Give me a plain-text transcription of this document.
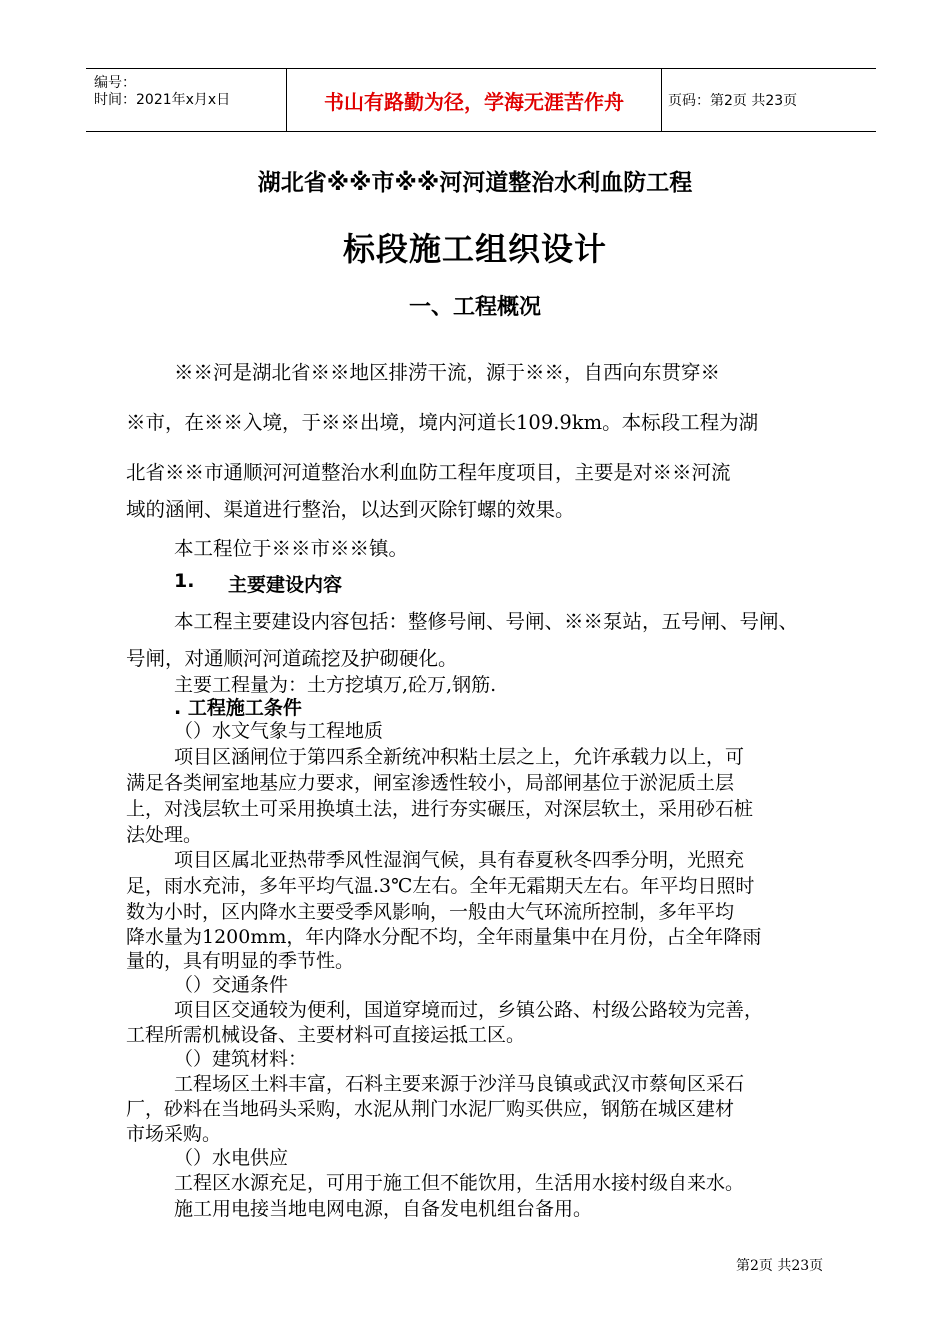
编号：
时间：2021年x月x日	书山有路勤为径，学海无涯苦作舟	页码：第2页 共23页
湖北省※※市※※河河道整治水利血防工程
标段施工组织设计
一、工程概况
※※河是湖北省※※地区排涝干流，源于※※，自西向东贯穿※
※市，在※※入境，于※※出境，境内河道长109.9km。本标段工程为湖
北省※※市通顺河河道整治水利血防工程年度项目，主要是对※※河流
域的涵闸、渠道进行整治，以达到灭除钉螺的效果。
本工程位于※※市※※镇。
1. 主要建设内容
本工程主要建设内容包括：整修号闸、号闸、※※泵站，五号闸、号闸、
号闸，对通顺河河道疏挖及护砌硬化。
主要工程量为：土方挖填万,砼万,钢筋.
. 工程施工条件
（）水文气象与工程地质
项目区涵闸位于第四系全新统冲积粘土层之上，允许承载力以上，可
满足各类闸室地基应力要求，闸室渗透性较小，局部闸基位于淤泥质土层
上，对浅层软土可采用换填土法，进行夯实碾压，对深层软土，采用砂石桩
法处理。
项目区属北亚热带季风性湿润气候，具有春夏秋冬四季分明，光照充
足，雨水充沛，多年平均气温.3℃左右。全年无霜期天左右。年平均日照时
数为小时，区内降水主要受季风影响，一般由大气环流所控制，多年平均
降水量为1200mm，年内降水分配不均，全年雨量集中在月份，占全年降雨
量的，具有明显的季节性。
（）交通条件
项目区交通较为便利，国道穿境而过，乡镇公路、村级公路较为完善，
工程所需机械设备、主要材料可直接运抵工区。
（）建筑材料：
工程场区土料丰富，石料主要来源于沙洋马良镇或武汉市蔡甸区采石
厂，砂料在当地码头采购，水泥从荆门水泥厂购买供应，钢筋在城区建材
市场采购。
（）水电供应
工程区水源充足，可用于施工但不能饮用，生活用水接村级自来水。
施工用电接当地电网电源，自备发电机组台备用。
第2页 共23页
